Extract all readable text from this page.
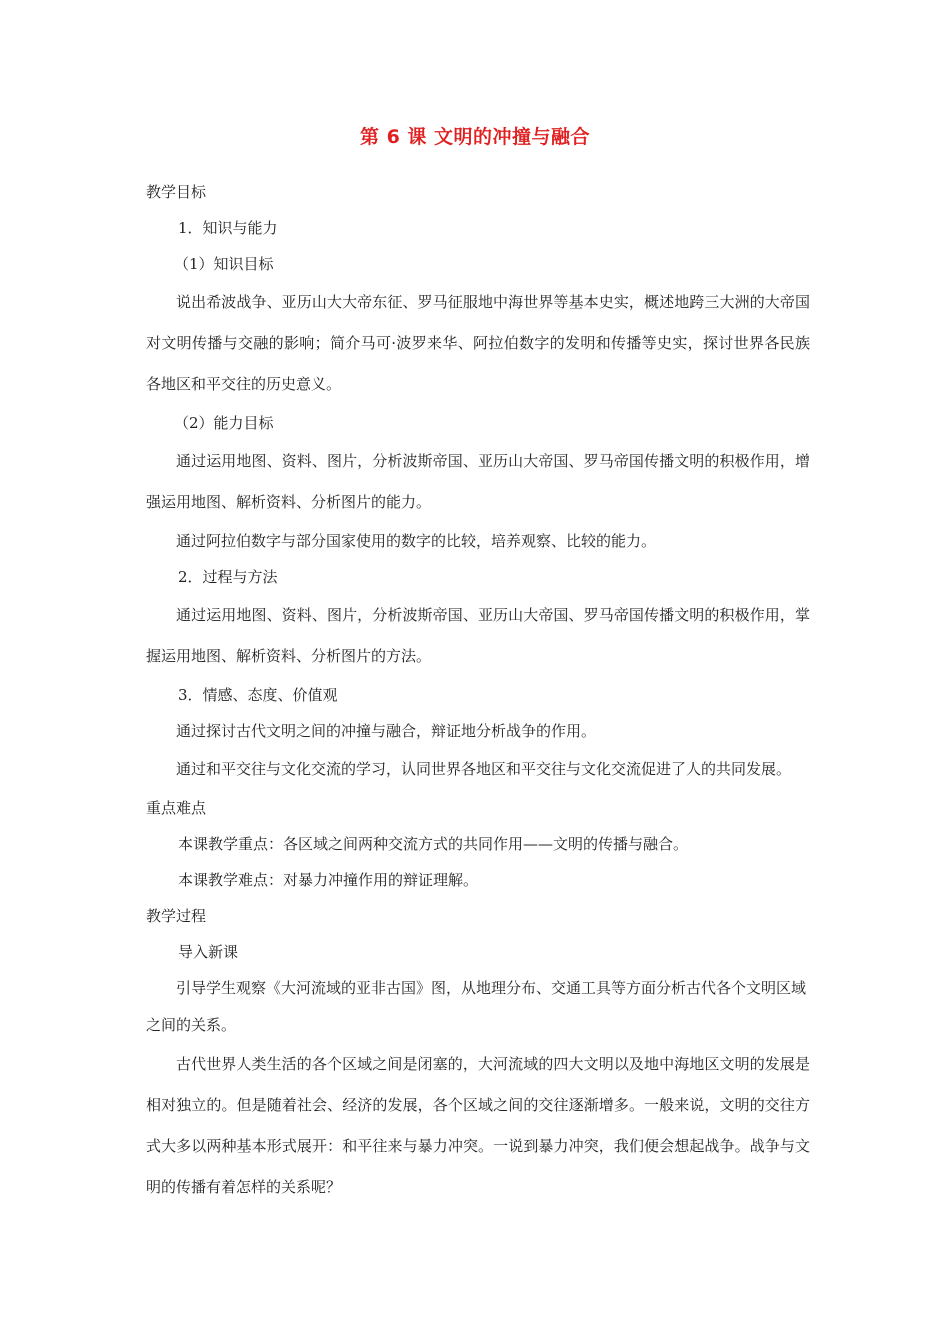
第 6 课 文明的冲撞与融合

教学目标

1．知识与能力

（1）知识目标

说出希波战争、亚历山大大帝东征、罗马征服地中海世界等基本史实，概述地跨三大洲的大帝国对文明传播与交融的影响；简介马可·波罗来华、阿拉伯数字的发明和传播等史实，探讨世界各民族各地区和平交往的历史意义。

（2）能力目标

通过运用地图、资料、图片，分析波斯帝国、亚历山大帝国、罗马帝国传播文明的积极作用，增强运用地图、解析资料、分析图片的能力。

通过阿拉伯数字与部分国家使用的数字的比较，培养观察、比较的能力。

2．过程与方法

通过运用地图、资料、图片，分析波斯帝国、亚历山大帝国、罗马帝国传播文明的积极作用，掌握运用地图、解析资料、分析图片的方法。

3．情感、态度、价值观

通过探讨古代文明之间的冲撞与融合，辩证地分析战争的作用。

通过和平交往与文化交流的学习，认同世界各地区和平交往与文化交流促进了人的共同发展。

重点难点

本课教学重点：各区域之间两种交流方式的共同作用——文明的传播与融合。

本课教学难点：对暴力冲撞作用的辩证理解。

教学过程

导入新课

引导学生观察《大河流域的亚非古国》图，从地理分布、交通工具等方面分析古代各个文明区域之间的关系。

古代世界人类生活的各个区域之间是闭塞的，大河流域的四大文明以及地中海地区文明的发展是相对独立的。但是随着社会、经济的发展，各个区域之间的交往逐渐增多。一般来说，文明的交往方式大多以两种基本形式展开：和平往来与暴力冲突。一说到暴力冲突，我们便会想起战争。战争与文明的传播有着怎样的关系呢？
